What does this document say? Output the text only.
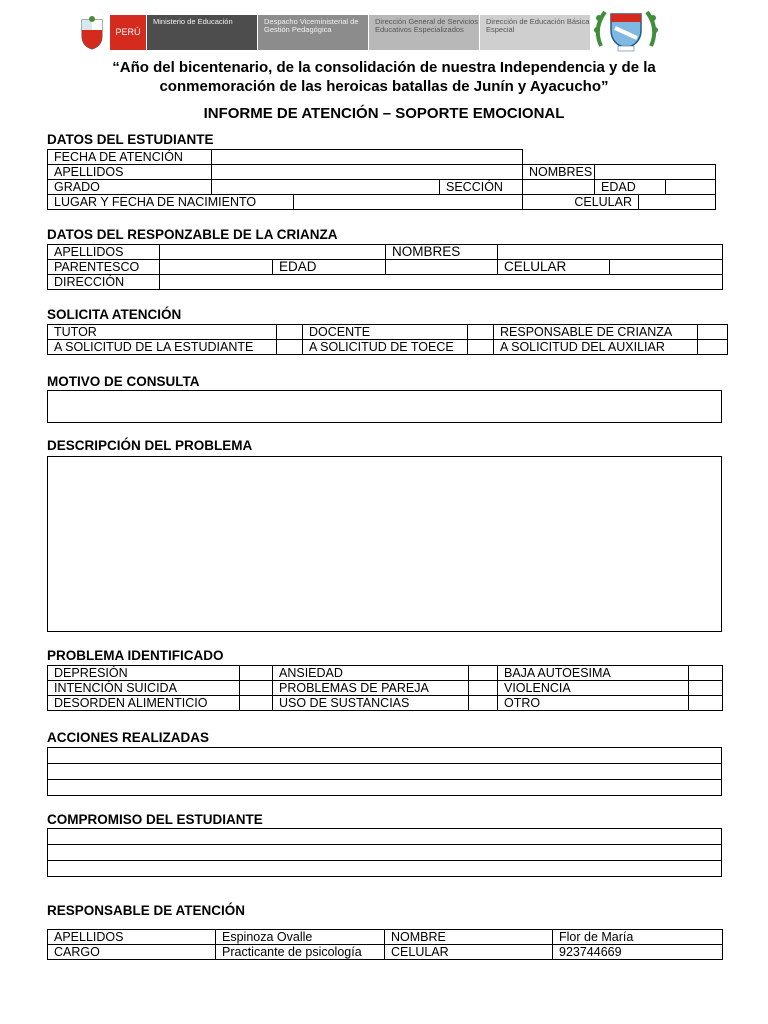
PERÚ
Ministerio de Educación	Despacho Viceministerial de Gestión Pedagógica
Dirección General de Servicios Educativos Especializados
Dirección de Educación Básica Especial
“Año del bicentenario, de la consolidación de nuestra Independencia y de la conmemoración de las heroicas batallas de Junín y Ayacucho”
INFORME DE ATENCIÓN – SOPORTE EMOCIONAL
DATOS DEL ESTUDIANTE
FECHA DE ATENCIÓN							
APELLIDOS				NOMBRES			
GRADO			SECCIÓN		EDAD		
LUGAR Y FECHA DE NACIMIENTO				CELULAR			
DATOS DEL RESPONZABLE DE LA CRIANZA
APELLIDOS			NOMBRES		
PARENTESCO		EDAD		CELULAR	
DIRECCIÓN					
SOLICITA ATENCIÓN
TUTOR		DOCENTE		RESPONSABLE DE CRIANZA	
A SOLICITUD DE LA ESTUDIANTE		A SOLICITUD DE TOECE		A SOLICITUD DEL AUXILIAR	
MOTIVO DE CONSULTA
DESCRIPCIÓN DEL PROBLEMA
PROBLEMA IDENTIFICADO
DEPRESIÓN		ANSIEDAD		BAJA AUTOESIMA	
INTENCIÓN SUICIDA		PROBLEMAS DE PAREJA		VIOLENCIA	
DESORDEN ALIMENTICIO		USO DE SUSTANCIAS		OTRO	
ACCIONES REALIZADAS

COMPROMISO DEL ESTUDIANTE

RESPONSABLE DE ATENCIÓN
APELLIDOS	Espinoza Ovalle	NOMBRE	Flor de María
CARGO	Practicante de psicología	CELULAR	923744669
